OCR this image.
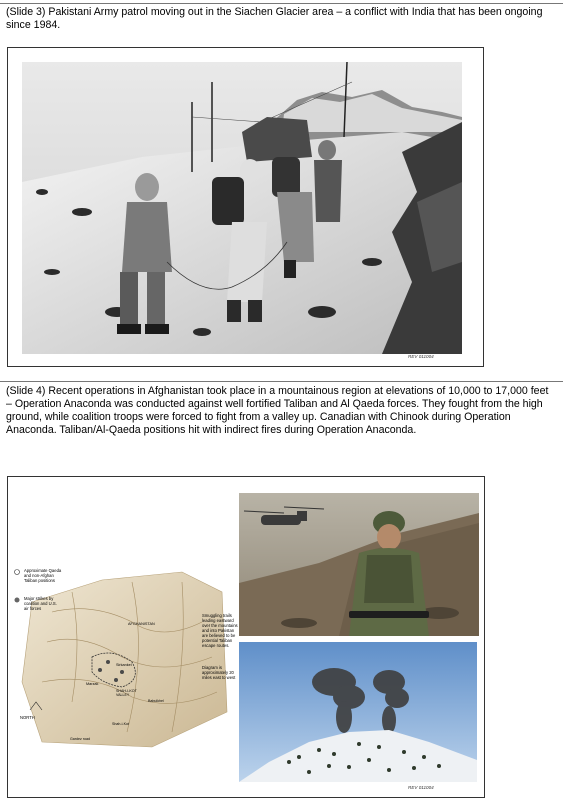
(Slide 3) Pakistani Army patrol moving out in the Siachen Glacier area – a conflict with India that has been ongoing since 1984.

REV 011004

(Slide 4) Recent operations in Afghanistan took place in a mountainous region at elevations of 10,000 to 17,000 feet – Operation Anaconda was conducted against well fortified Taliban and Al Qaeda forces. They fought from the high ground, while coalition troops were forced to fight from a valley up. Canadian with Chinook during Operation Anaconda. Taliban/Al-Qaeda positions hit with indirect fires during Operation Anaconda.

Approximate Qaeda and non-Afghan Taliban positions
Major strikes by coalition and U.S. air forces
Smuggling trails leading eastward over the mountains and into Pakistan are believed to be potential Taliban escape routes.
Diagram is approximately 20 miles east to west
NORTH
AFGHANISTAN
Sirkankel
Marzak
SHAH-I-KOT VALLEY
Shah-i-Kot
Babulkhel
Gardez road
REV 011004
